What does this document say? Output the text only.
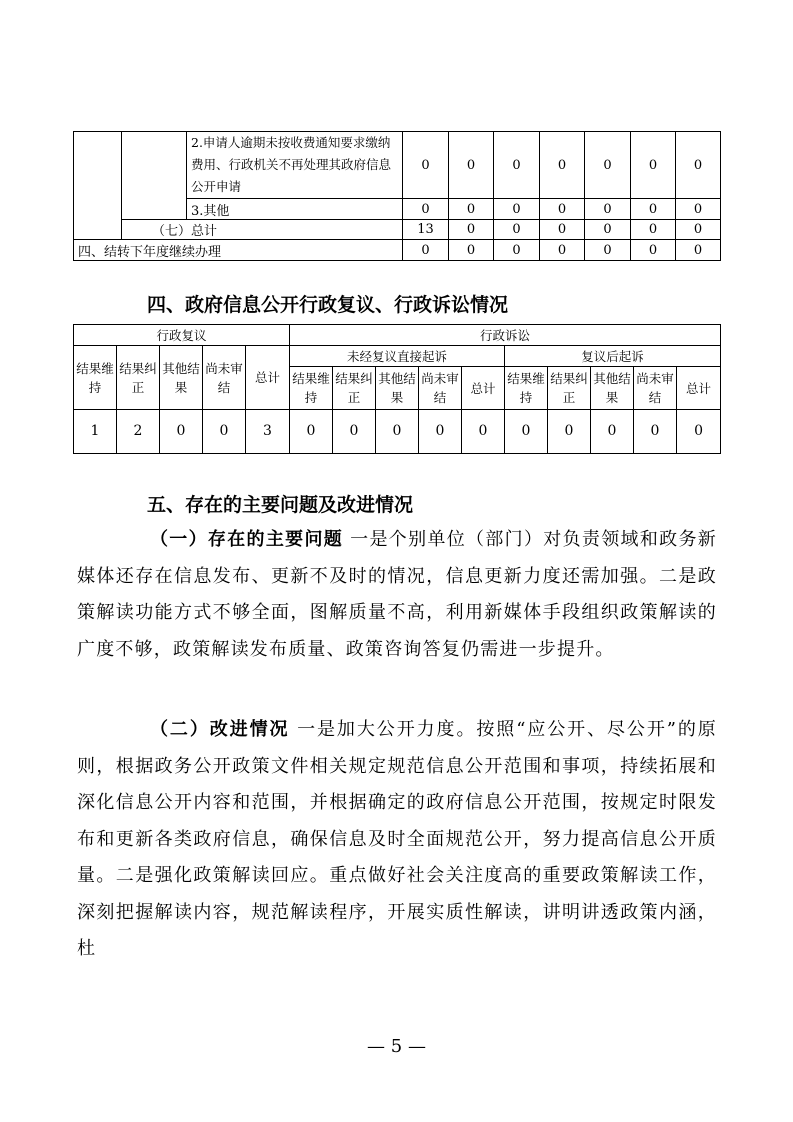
		2.申请人逾期未按收费通知要求缴纳费用、行政机关不再处理其政府信息公开申请	0	0	0	0	0	0	0
		3.其他	0	0	0	0	0	0	0
	（七）总计		13	0	0	0	0	0	0
四、结转下年度继续办理			0	0	0	0	0	0	0
四、政府信息公开行政复议、行政诉讼情况
行政复议					行政诉讼									
结果维持	结果纠正	其他结果	尚未审结	总计	未经复议直接起诉					复议后起诉				
					结果维持	结果纠正	其他结果	尚未审结	总计	结果维持	结果纠正	其他结果	尚未审结	总计
1	2	0	0	3	0	0	0	0	0	0	0	0	0	0
五、存在的主要问题及改进情况
（一）存在的主要问题 一是个别单位（部门）对负责领域和政务新媒体还存在信息发布、更新不及时的情况，信息更新力度还需加强。二是政策解读功能方式不够全面，图解质量不高，利用新媒体手段组织政策解读的广度不够，政策解读发布质量、政策咨询答复仍需进一步提升。
（二）改进情况 一是加大公开力度。按照“应公开、尽公开”的原则，根据政务公开政策文件相关规定规范信息公开范围和事项，持续拓展和深化信息公开内容和范围，并根据确定的政府信息公开范围，按规定时限发布和更新各类政府信息，确保信息及时全面规范公开，努力提高信息公开质量。二是强化政策解读回应。重点做好社会关注度高的重要政策解读工作，深刻把握解读内容，规范解读程序，开展实质性解读，讲明讲透政策内涵，杜
— 5 —
